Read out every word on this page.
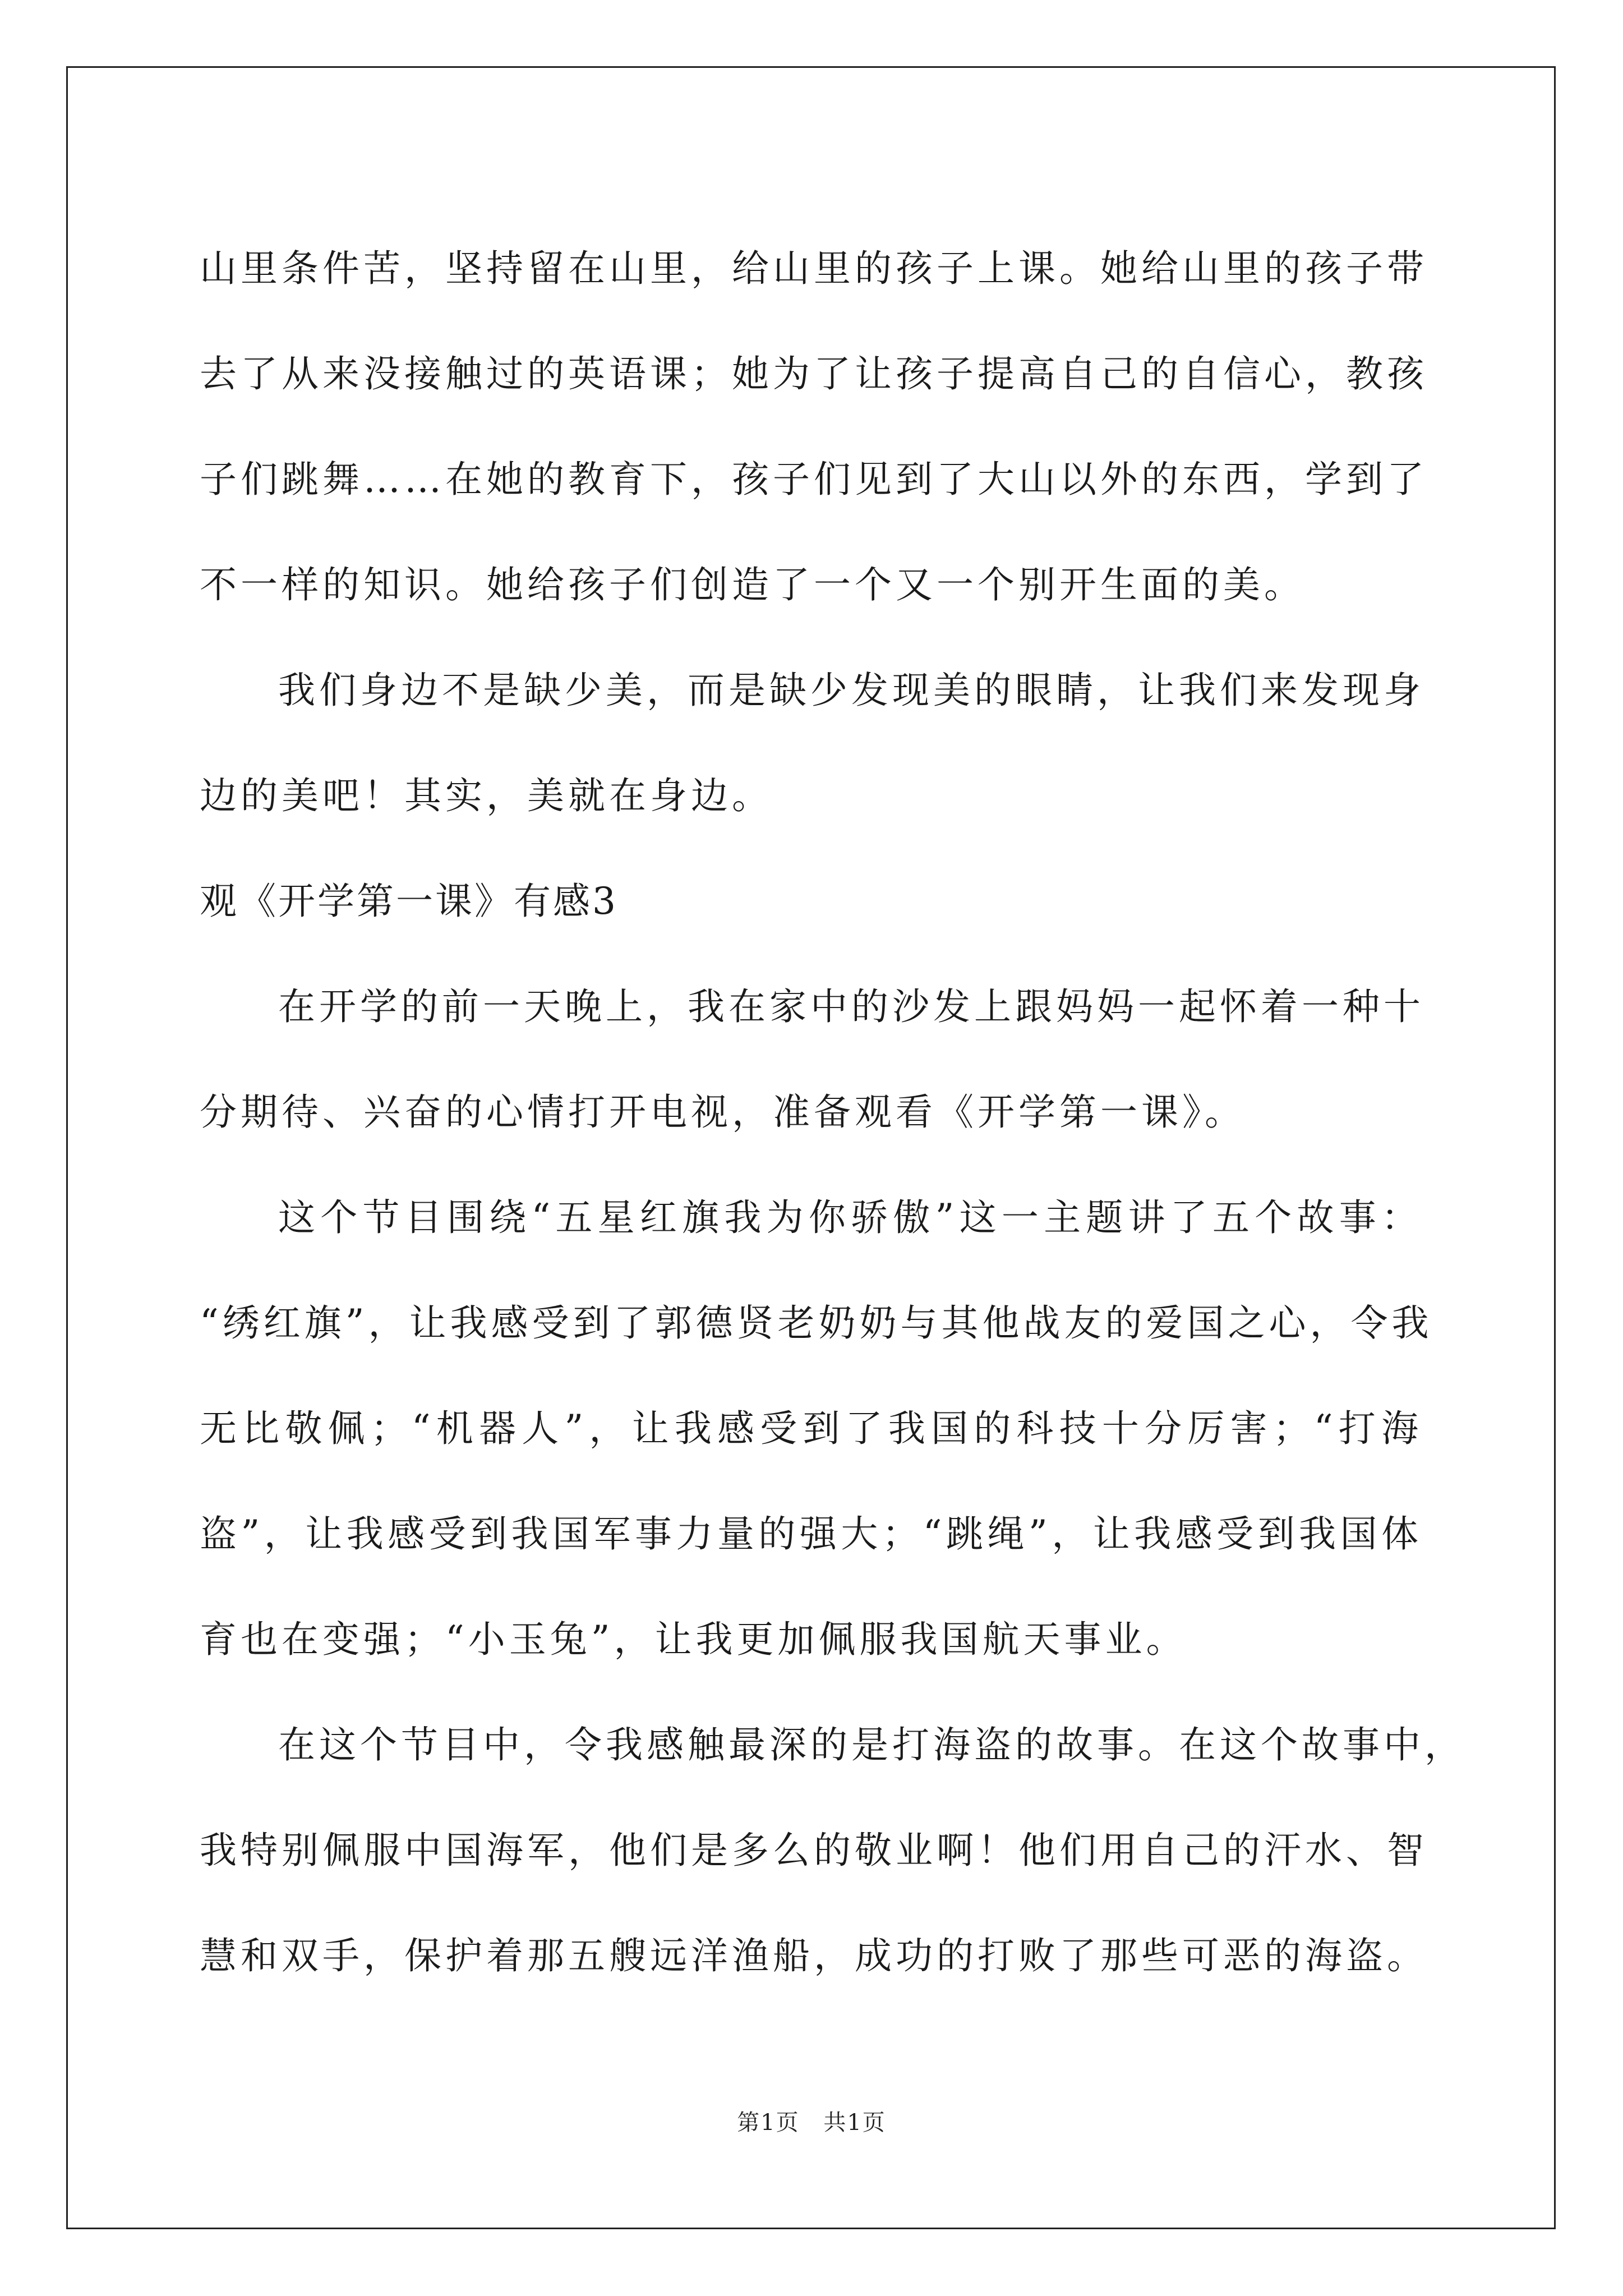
山里条件苦，坚持留在山里，给山里的孩子上课。她给山里的孩子带
去了从来没接触过的英语课；她为了让孩子提高自己的自信心，教孩
子们跳舞……在她的教育下，孩子们见到了大山以外的东西，学到了
不一样的知识。她给孩子们创造了一个又一个别开生面的美。
我们身边不是缺少美，而是缺少发现美的眼睛，让我们来发现身
边的美吧！其实，美就在身边。
观《开学第一课》有感3
在开学的前一天晚上，我在家中的沙发上跟妈妈一起怀着一种十
分期待、兴奋的心情打开电视，准备观看《开学第一课》。
这个节目围绕“五星红旗我为你骄傲”这一主题讲了五个故事：
“绣红旗”，让我感受到了郭德贤老奶奶与其他战友的爱国之心，令我
无比敬佩；“机器人”，让我感受到了我国的科技十分厉害；“打海
盗”，让我感受到我国军事力量的强大；“跳绳”，让我感受到我国体
育也在变强；“小玉兔”，让我更加佩服我国航天事业。
在这个节目中，令我感触最深的是打海盗的故事。在这个故事中，
我特别佩服中国海军，他们是多么的敬业啊！他们用自己的汗水、智
慧和双手，保护着那五艘远洋渔船，成功的打败了那些可恶的海盗。
第1页 共1页
